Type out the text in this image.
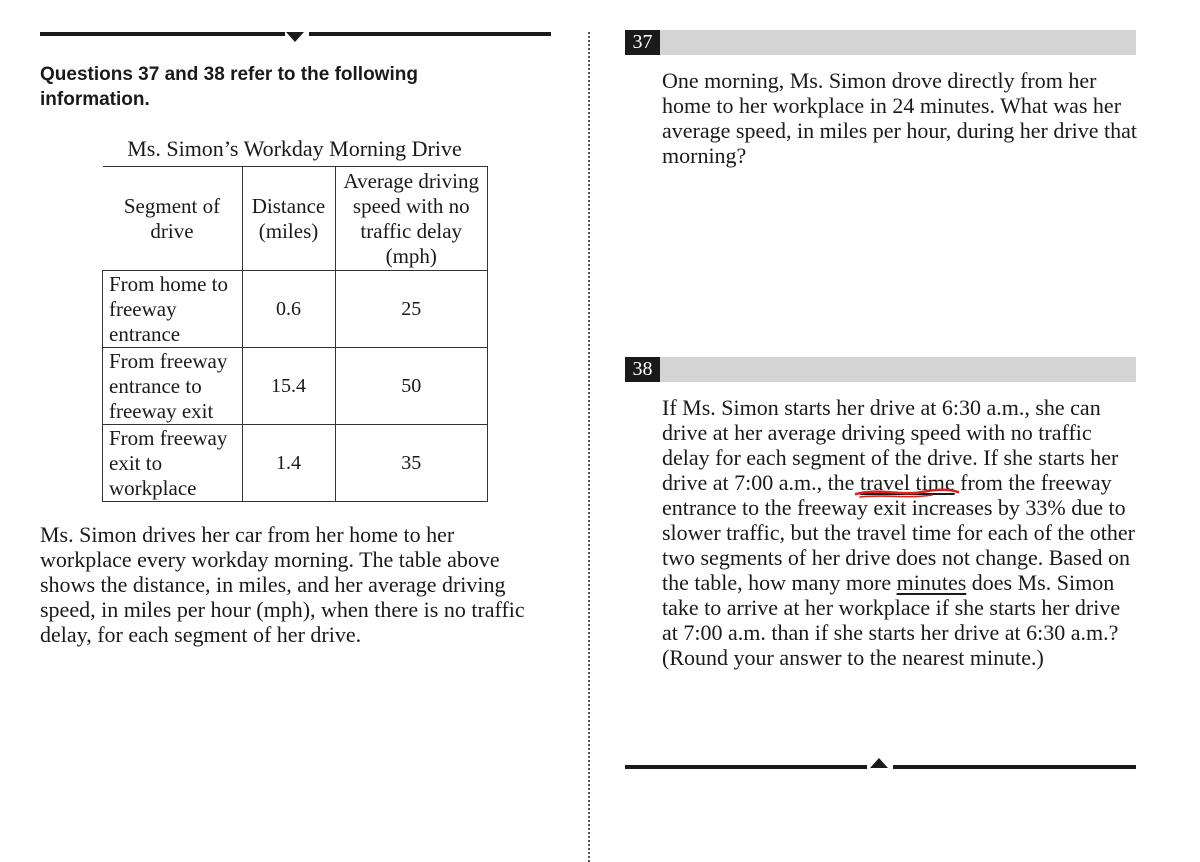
Questions 37 and 38 refer to the following information.
Ms. Simon’s Workday Morning Drive
Segment of drive	Distance (miles)	Average driving speed with no traffic delay (mph)
From home to freeway entrance	0.6	25
From freeway entrance to freeway exit	15.4	50
From freeway exit to workplace	1.4	35
Ms. Simon drives her car from her home to her workplace every workday morning. The table above shows the distance, in miles, and her average driving speed, in miles per hour (mph), when there is no traffic delay, for each segment of her drive.
37
One morning, Ms. Simon drove directly from her home to her workplace in 24 minutes. What was her average speed, in miles per hour, during her drive that morning?
38
If Ms. Simon starts her drive at 6:30 a.m., she can drive at her average driving speed with no traffic delay for each segment of the drive. If she starts her drive at 7:00 a.m., the travel time from the freeway entrance to the freeway exit increases by 33% due to slower traffic, but the travel time for each of the other two segments of her drive does not change. Based on the table, how many more minutes does Ms. Simon take to arrive at her workplace if she starts her drive at 7:00 a.m. than if she starts her drive at 6:30 a.m.? (Round your answer to the nearest minute.)
